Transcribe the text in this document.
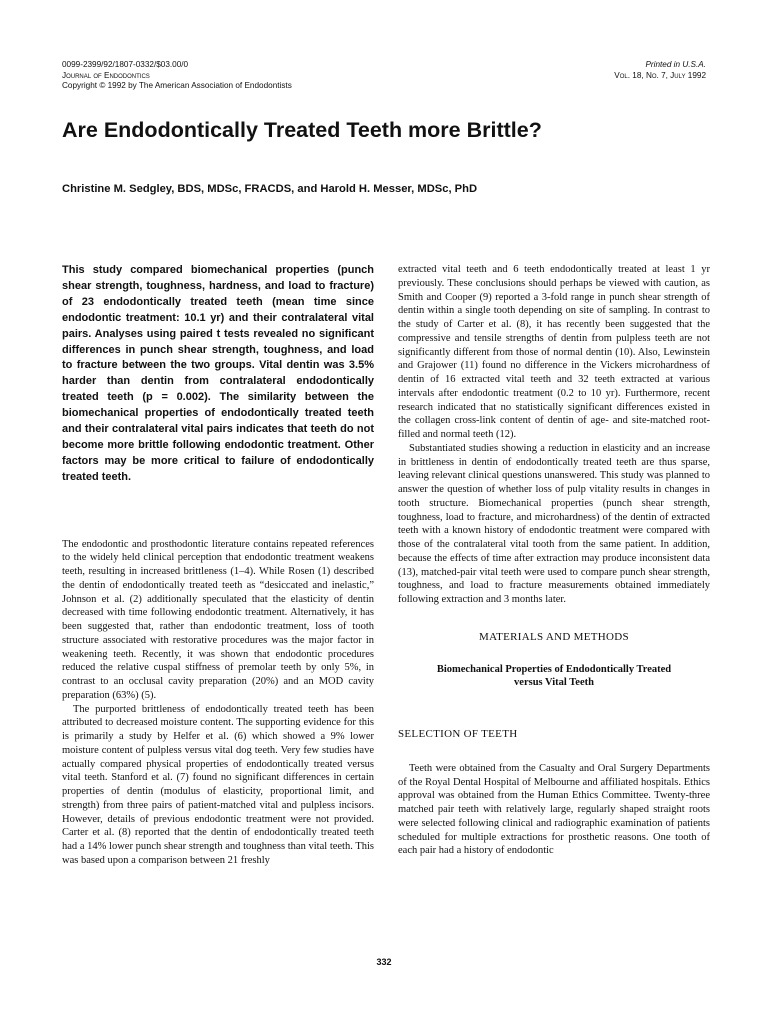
0099-2399/92/1807-0332/$03.00/0
Journal of Endodontics
Copyright © 1992 by The American Association of Endodontists
Printed in U.S.A.
Vol. 18, No. 7, July 1992
Are Endodontically Treated Teeth more Brittle?
Christine M. Sedgley, BDS, MDSc, FRACDS, and Harold H. Messer, MDSc, PhD

This study compared biomechanical properties (punch shear strength, toughness, hardness, and load to fracture) of 23 endodontically treated teeth (mean time since endodontic treatment: 10.1 yr) and their contralateral vital pairs. Analyses using paired t tests revealed no significant differences in punch shear strength, toughness, and load to fracture between the two groups. Vital dentin was 3.5% harder than dentin from contralateral endodontically treated teeth (p = 0.002). The similarity between the biomechanical properties of endodontically treated teeth and their contralateral vital pairs indicates that teeth do not become more brittle following endodontic treatment. Other factors may be more critical to failure of endodontically treated teeth.

The endodontic and prosthodontic literature contains repeated references to the widely held clinical perception that endodontic treatment weakens teeth, resulting in increased brittleness (1–4). While Rosen (1) described the dentin of endodontically treated teeth as “desiccated and inelastic,” Johnson et al. (2) additionally speculated that the elasticity of dentin decreased with time following endodontic treatment. Alternatively, it has been suggested that, rather than endodontic treatment, loss of tooth structure associated with restorative procedures was the major factor in weakening teeth. Recently, it was shown that endodontic procedures reduced the relative cuspal stiffness of premolar teeth by only 5%, in contrast to an occlusal cavity preparation (20%) and an MOD cavity preparation (63%) (5).

The purported brittleness of endodontically treated teeth has been attributed to decreased moisture content. The supporting evidence for this is primarily a study by Helfer et al. (6) which showed a 9% lower moisture content of pulpless versus vital dog teeth. Very few studies have actually compared physical properties of endodontically treated versus vital teeth. Stanford et al. (7) found no significant differences in certain properties of dentin (modulus of elasticity, proportional limit, and strength) from three pairs of patient-matched vital and pulpless incisors. However, details of previous endodontic treatment were not provided. Carter et al. (8) reported that the dentin of endodontically treated teeth had a 14% lower punch shear strength and toughness than vital teeth. This was based upon a comparison between 21 freshly

extracted vital teeth and 6 teeth endodontically treated at least 1 yr previously. These conclusions should perhaps be viewed with caution, as Smith and Cooper (9) reported a 3-fold range in punch shear strength of dentin within a single tooth depending on site of sampling. In contrast to the study of Carter et al. (8), it has recently been suggested that the compressive and tensile strengths of dentin from pulpless teeth are not significantly different from those of normal dentin (10). Also, Lewinstein and Grajower (11) found no difference in the Vickers microhardness of dentin of 16 extracted vital teeth and 32 teeth extracted at various intervals after endodontic treatment (0.2 to 10 yr). Furthermore, recent research indicated that no statistically significant differences existed in the collagen cross-link content of dentin of age- and site-matched root-filled and normal teeth (12).

Substantiated studies showing a reduction in elasticity and an increase in brittleness in dentin of endodontically treated teeth are thus sparse, leaving relevant clinical questions unanswered. This study was planned to answer the question of whether loss of pulp vitality results in changes in tooth structure. Biomechanical properties (punch shear strength, toughness, load to fracture, and microhardness) of the dentin of extracted teeth with a known history of endodontic treatment were compared with those of the contralateral vital tooth from the same patient. In addition, because the effects of time after extraction may produce inconsistent data (13), matched-pair vital teeth were used to compare punch shear strength, toughness, and load to fracture measurements obtained immediately following extraction and 3 months later.

MATERIALS AND METHODS
Biomechanical Properties of Endodontically Treated versus Vital Teeth
SELECTION OF TEETH

Teeth were obtained from the Casualty and Oral Surgery Departments of the Royal Dental Hospital of Melbourne and affiliated hospitals. Ethics approval was obtained from the Human Ethics Committee. Twenty-three matched pair teeth with relatively large, regularly shaped straight roots were selected following clinical and radiographic examination of patients scheduled for multiple extractions for prosthetic reasons. One tooth of each pair had a history of endodontic

332
